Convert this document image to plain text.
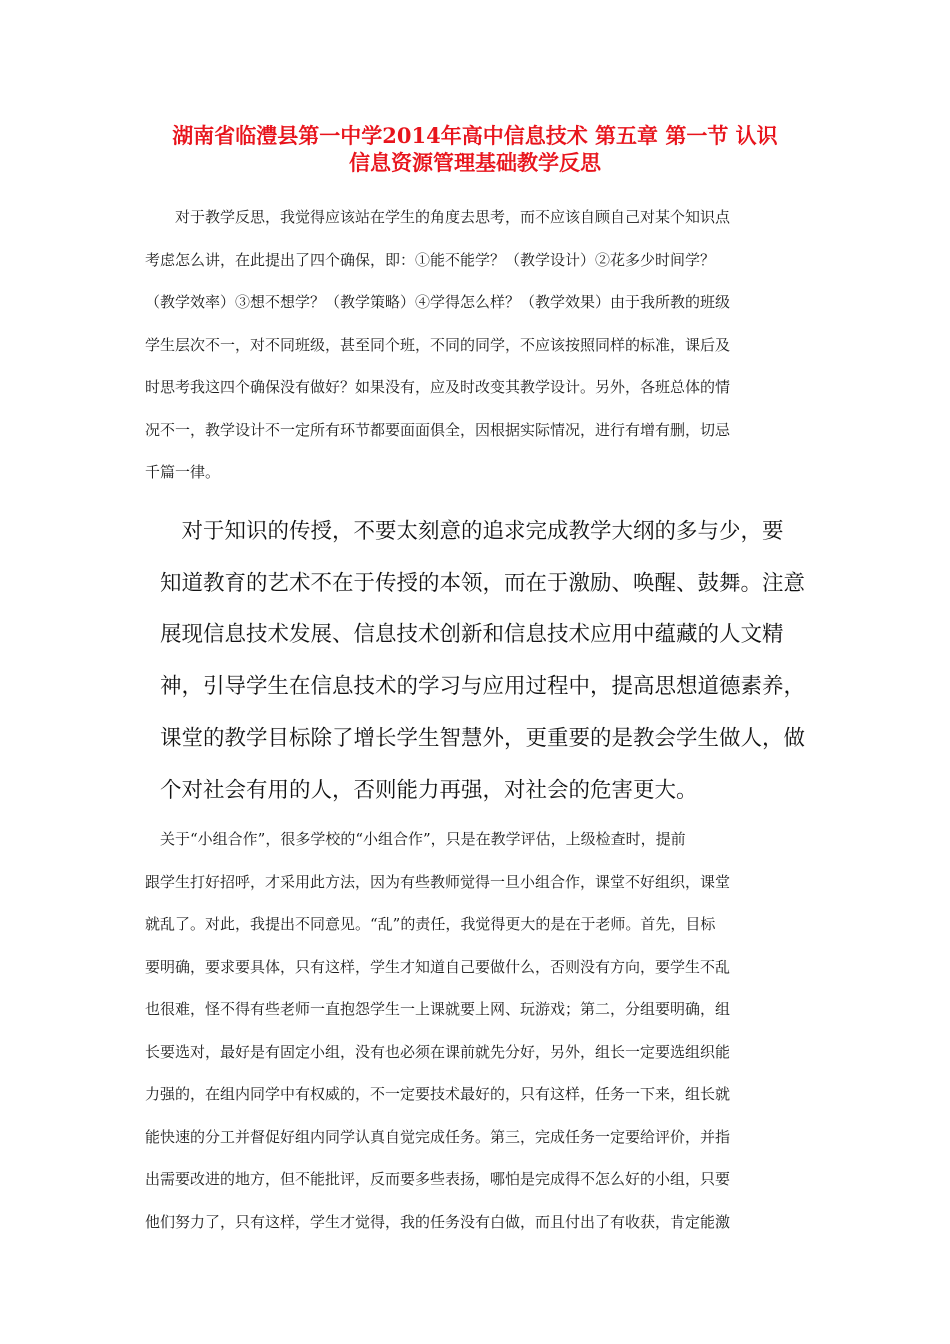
湖南省临澧县第一中学2014年高中信息技术 第五章 第一节 认识
信息资源管理基础教学反思
　　对于教学反思，我觉得应该站在学生的角度去思考，而不应该自顾自己对某个知识点
考虑怎么讲，在此提出了四个确保，即：①能不能学？（教学设计）②花多少时间学？
（教学效率）③想不想学？（教学策略）④学得怎么样？（教学效果）由于我所教的班级
学生层次不一，对不同班级，甚至同个班，不同的同学，不应该按照同样的标准，课后及
时思考我这四个确保没有做好？如果没有，应及时改变其教学设计。另外，各班总体的情
况不一，教学设计不一定所有环节都要面面俱全，因根据实际情况，进行有增有删，切忌
千篇一律。
　对于知识的传授，不要太刻意的追求完成教学大纲的多与少，要
知道教育的艺术不在于传授的本领，而在于激励、唤醒、鼓舞。注意
展现信息技术发展、信息技术创新和信息技术应用中蕴藏的人文精
神，引导学生在信息技术的学习与应用过程中，提高思想道德素养，
课堂的教学目标除了增长学生智慧外，更重要的是教会学生做人，做
个对社会有用的人，否则能力再强，对社会的危害更大。
　关于“小组合作”，很多学校的“小组合作”，只是在教学评估，上级检查时，提前
跟学生打好招呼，才采用此方法，因为有些教师觉得一旦小组合作，课堂不好组织，课堂
就乱了。对此，我提出不同意见。“乱”的责任，我觉得更大的是在于老师。首先，目标
要明确，要求要具体，只有这样，学生才知道自己要做什么，否则没有方向，要学生不乱
也很难，怪不得有些老师一直抱怨学生一上课就要上网、玩游戏；第二，分组要明确，组
长要选对，最好是有固定小组，没有也必须在课前就先分好，另外，组长一定要选组织能
力强的，在组内同学中有权威的，不一定要技术最好的，只有这样，任务一下来，组长就
能快速的分工并督促好组内同学认真自觉完成任务。第三，完成任务一定要给评价，并指
出需要改进的地方，但不能批评，反而要多些表扬，哪怕是完成得不怎么好的小组，只要
他们努力了，只有这样，学生才觉得，我的任务没有白做，而且付出了有收获，肯定能激
